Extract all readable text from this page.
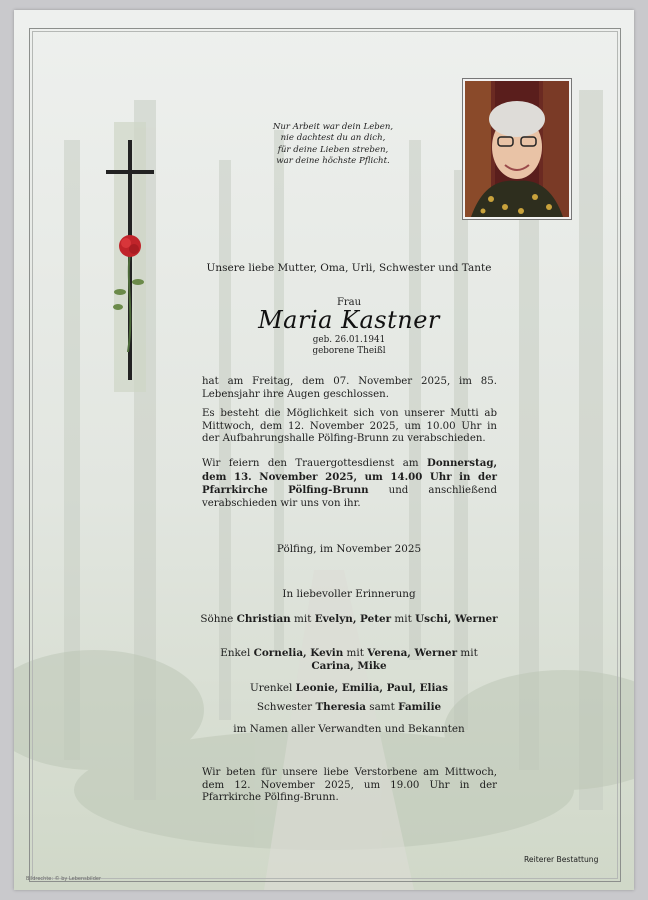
Nur Arbeit war dein Leben,
nie dachtest du an dich,
für deine Lieben streben,
war deine höchste Pflicht.
Unsere liebe Mutter, Oma, Urli, Schwester und Tante
Frau
Maria Kastner
geb. 26.01.1941
geborene Theißl
hat am Freitag, dem 07. November 2025, im 85. Lebensjahr ihre Augen geschlossen.
Es besteht die Möglichkeit sich von unserer Mutti ab Mittwoch, dem 12. November 2025, um 10.00 Uhr in der Aufbahrungshalle Pölfing-Brunn zu verabschieden.
Wir feiern den Trauergottesdienst am Donnerstag, dem 13. November 2025, um 14.00 Uhr in der Pfarrkirche Pölfing-Brunn und anschließend verabschieden wir uns von ihr.
Pölfing, im November 2025
In liebevoller Erinnerung
Söhne Christian mit Evelyn, Peter mit Uschi, Werner
Enkel Cornelia, Kevin mit Verena, Werner mit Carina, Mike
Urenkel Leonie, Emilia, Paul, Elias
Schwester Theresia samt Familie
im Namen aller Verwandten und Bekannten
Wir beten für unsere liebe Verstorbene am Mittwoch, dem 12. November 2025, um 19.00 Uhr in der Pfarrkirche Pölfing-Brunn.
Reiterer Bestattung
Bildrechte: © by Lebensbilder
